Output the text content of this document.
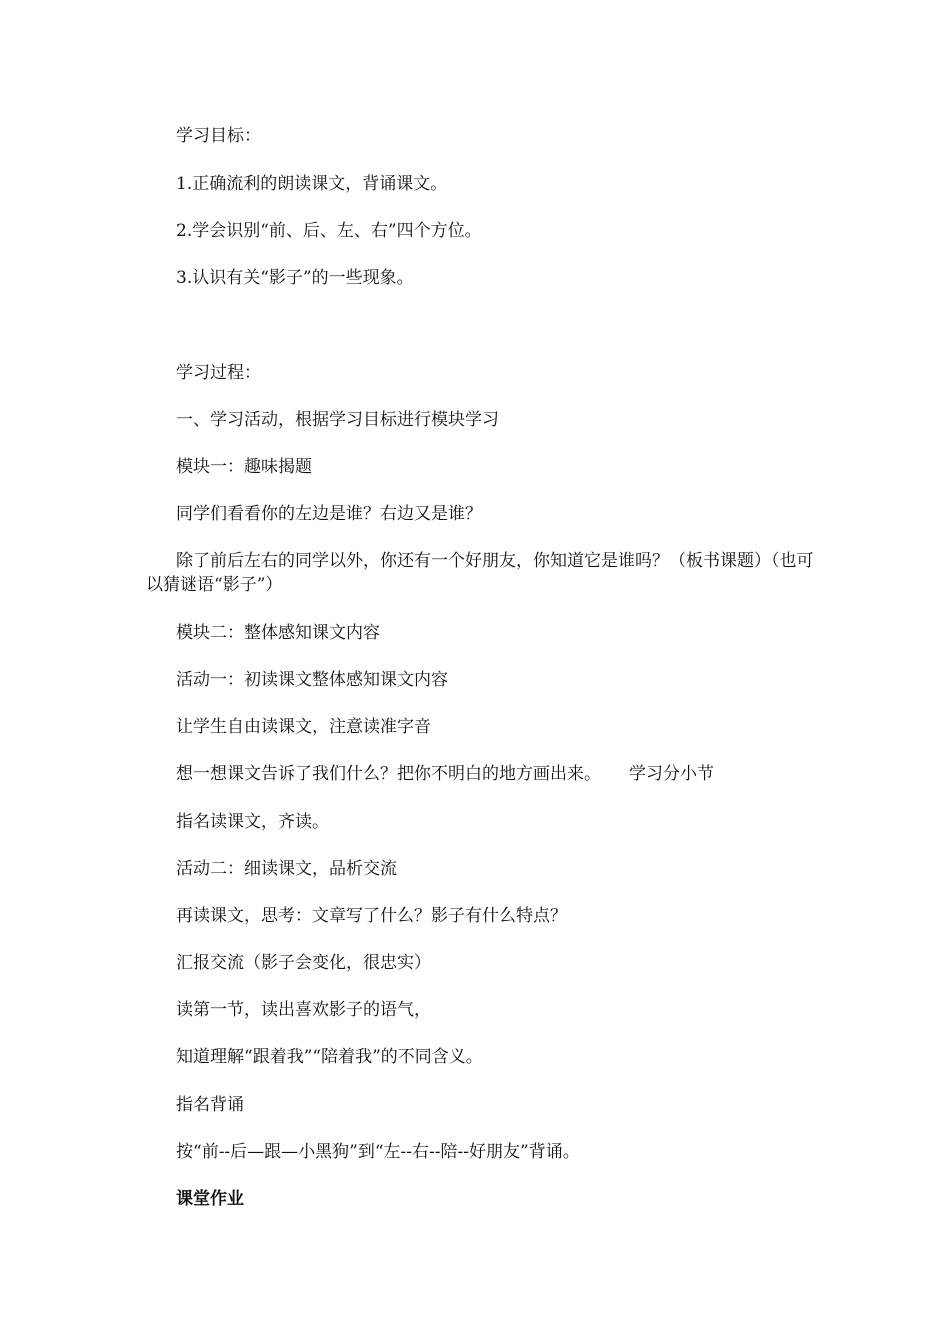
学习目标：
1.正确流利的朗读课文，背诵课文。
2.学会识别“前、后、左、右”四个方位。
3.认识有关“影子”的一些现象。
学习过程：
一、学习活动，根据学习目标进行模块学习
模块一：趣味揭题
同学们看看你的左边是谁？右边又是谁？
除了前后左右的同学以外，你还有一个好朋友，你知道它是谁吗？（板书课题）（也可以猜谜语“影子”）
模块二：整体感知课文内容
活动一：初读课文整体感知课文内容
让学生自由读课文，注意读准字音
想一想课文告诉了我们什么？把你不明白的地方画出来。 学习分小节
指名读课文，齐读。
活动二：细读课文，品析交流
再读课文，思考：文章写了什么？影子有什么特点？
汇报交流（影子会变化，很忠实）
读第一节，读出喜欢影子的语气，
知道理解“跟着我”“陪着我”的不同含义。
指名背诵
按“前--后—跟—小黑狗”到“左--右--陪--好朋友”背诵。
课堂作业
